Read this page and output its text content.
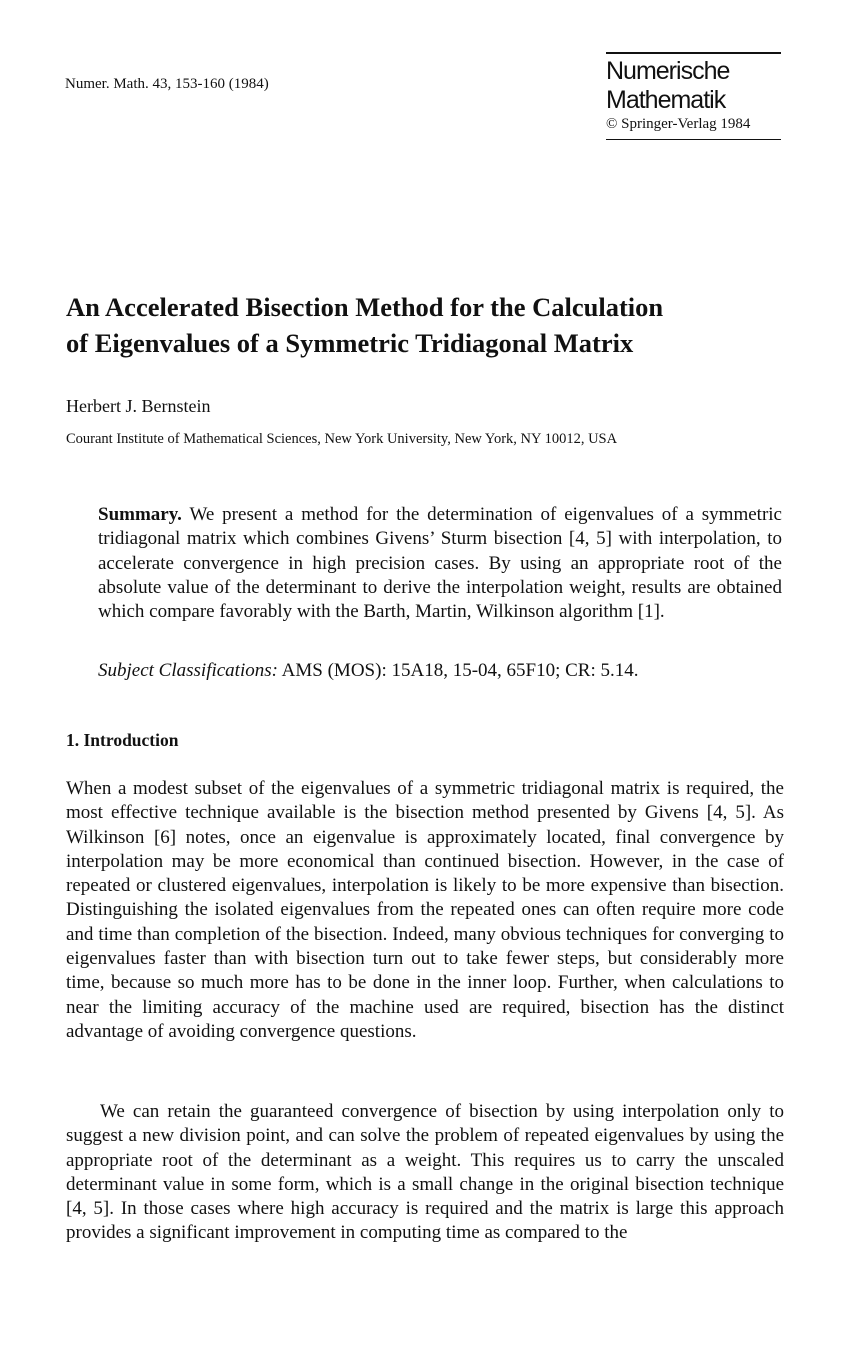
Numer. Math. 43, 153-160 (1984)	Numerische
Mathematik
© Springer-Verlag 1984
An Accelerated Bisection Method for the Calculation
of Eigenvalues of a Symmetric Tridiagonal Matrix
Herbert J. Bernstein
Courant Institute of Mathematical Sciences, New York University, New York, NY 10012, USA

Summary. We present a method for the determination of eigenvalues of a symmetric tridiagonal matrix which combines Givens’ Sturm bisection [4, 5] with interpolation, to accelerate convergence in high precision cases. By using an appropriate root of the absolute value of the determinant to derive the interpolation weight, results are obtained which compare favorably with the Barth, Martin, Wilkinson algorithm [1].

Subject Classifications: AMS (MOS): 15A18, 15-04, 65F10; CR: 5.14.

1. Introduction

When a modest subset of the eigenvalues of a symmetric tridiagonal matrix is required, the most effective technique available is the bisection method presented by Givens [4, 5]. As Wilkinson [6] notes, once an eigenvalue is approximately located, final convergence by interpolation may be more economical than continued bisection. However, in the case of repeated or clustered eigenvalues, interpolation is likely to be more expensive than bisection. Distinguishing the isolated eigenvalues from the repeated ones can often require more code and time than completion of the bisection. Indeed, many obvious techniques for converging to eigenvalues faster than with bisection turn out to take fewer steps, but considerably more time, because so much more has to be done in the inner loop. Further, when calculations to near the limiting accuracy of the machine used are required, bisection has the distinct advantage of avoiding convergence questions.

We can retain the guaranteed convergence of bisection by using interpolation only to suggest a new division point, and can solve the problem of repeated eigenvalues by using the appropriate root of the determinant as a weight. This requires us to carry the unscaled determinant value in some form, which is a small change in the original bisection technique [4, 5]. In those cases where high accuracy is required and the matrix is large this approach provides a significant improvement in computing time as compared to the
